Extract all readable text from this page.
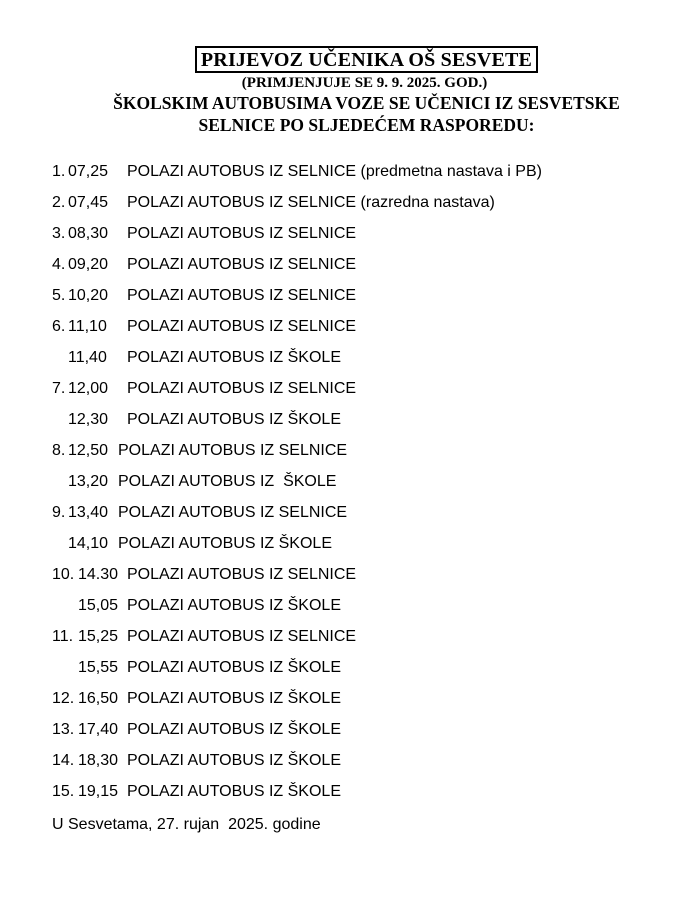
PRIJEVOZ UČENIKA OŠ SESVETE
(PRIMJENJUJE SE 9. 9. 2025. GOD.)
ŠKOLSKIM AUTOBUSIMA VOZE SE UČENICI IZ SESVETSKE
SELNICE PO SLJEDEĆEM RASPOREDU:
1. 07,25 POLAZI AUTOBUS IZ SELNICE (predmetna nastava i PB)
2. 07,45 POLAZI AUTOBUS IZ SELNICE (razredna nastava)
3. 08,30 POLAZI AUTOBUS IZ SELNICE
4. 09,20 POLAZI AUTOBUS IZ SELNICE
5. 10,20 POLAZI AUTOBUS IZ SELNICE
6. 11,10 POLAZI AUTOBUS IZ SELNICE
11,40 POLAZI AUTOBUS IZ ŠKOLE
7. 12,00 POLAZI AUTOBUS IZ SELNICE
12,30 POLAZI AUTOBUS IZ ŠKOLE
8. 12,50 POLAZI AUTOBUS IZ SELNICE
13,20 POLAZI AUTOBUS IZ  ŠKOLE
9. 13,40 POLAZI AUTOBUS IZ SELNICE
14,10 POLAZI AUTOBUS IZ ŠKOLE
10. 14.30 POLAZI AUTOBUS IZ SELNICE
15,05 POLAZI AUTOBUS IZ ŠKOLE
11. 15,25 POLAZI AUTOBUS IZ SELNICE
15,55 POLAZI AUTOBUS IZ ŠKOLE
12. 16,50 POLAZI AUTOBUS IZ ŠKOLE
13. 17,40 POLAZI AUTOBUS IZ ŠKOLE
14. 18,30 POLAZI AUTOBUS IZ ŠKOLE
15. 19,15 POLAZI AUTOBUS IZ ŠKOLE
U Sesvetama, 27. rujan  2025. godine
